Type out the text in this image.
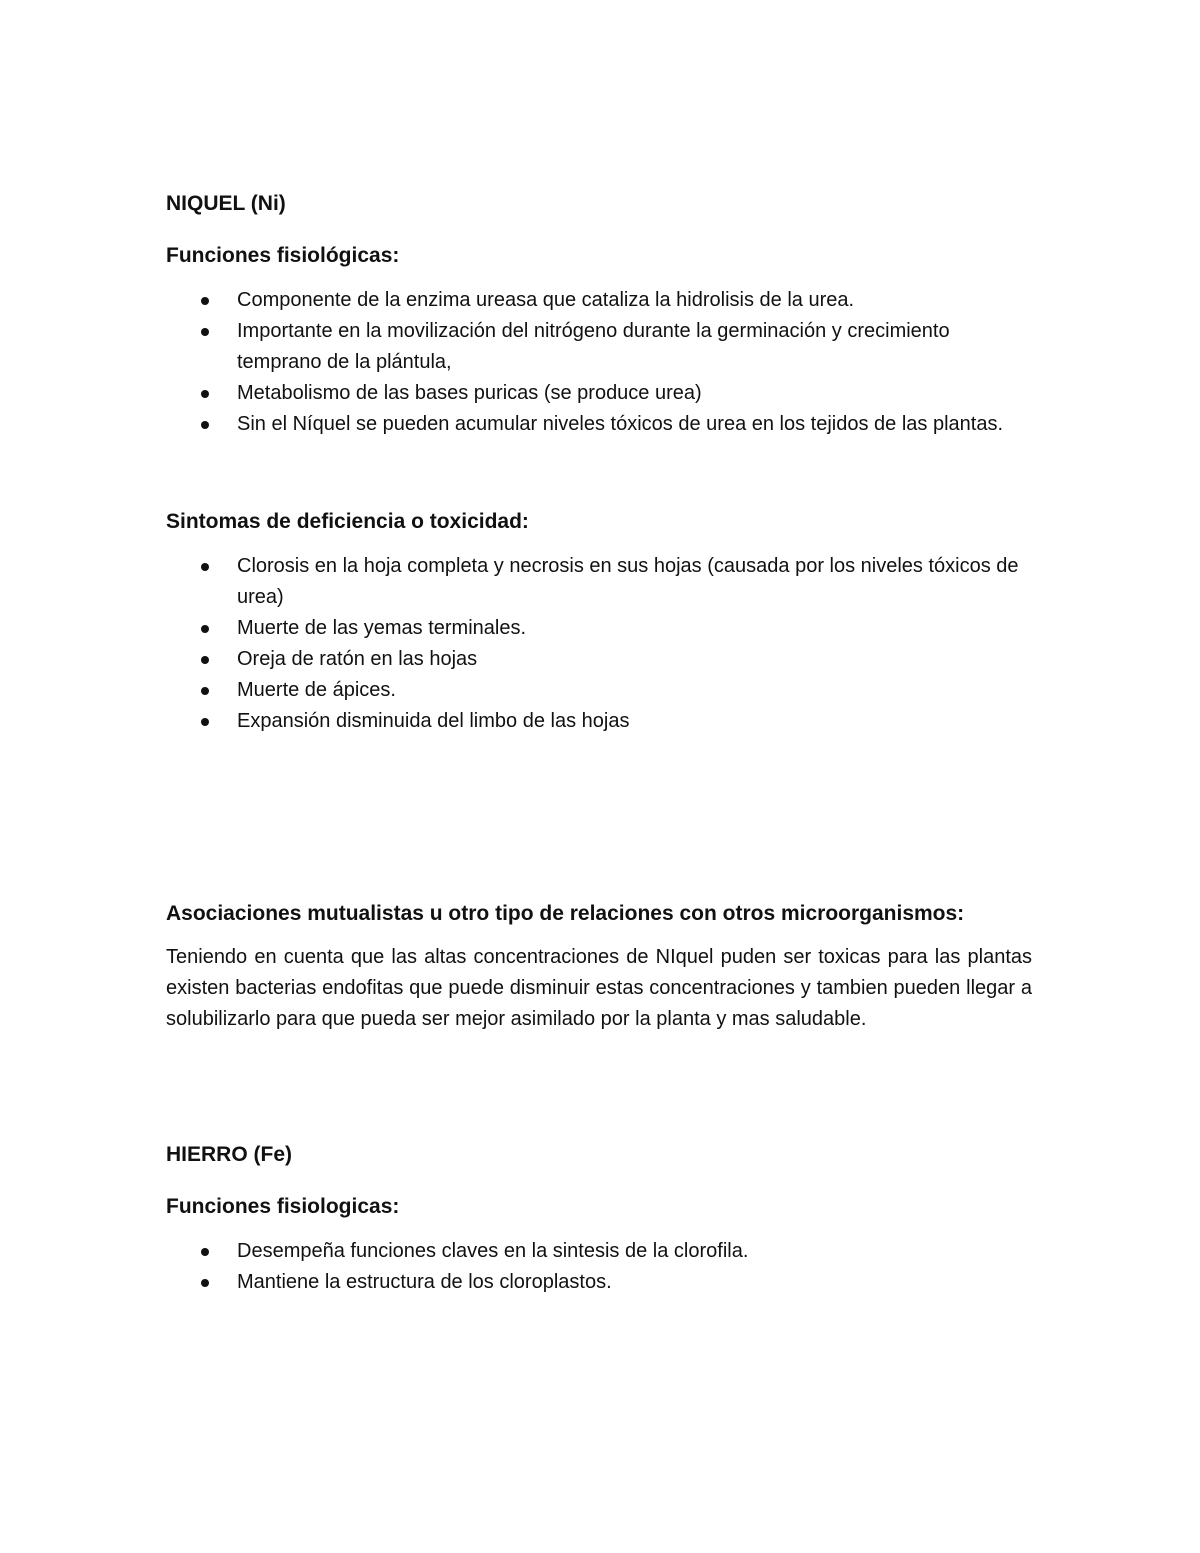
NIQUEL (Ni)

Funciones fisiológicas:

Componente de la enzima ureasa que cataliza la hidrolisis de la urea.
Importante en la movilización del nitrógeno durante la germinación y crecimiento temprano de la plántula,
Metabolismo de las bases puricas (se produce urea)
Sin el Níquel se pueden acumular niveles tóxicos de urea en los tejidos de las plantas.

Sintomas de deficiencia o toxicidad:

Clorosis en la hoja completa y necrosis en sus hojas (causada por los niveles tóxicos de urea)
Muerte de las yemas terminales.
Oreja de ratón en las hojas
Muerte de ápices.
Expansión disminuida del limbo de las hojas

Asociaciones mutualistas u otro tipo de relaciones con otros microorganismos:

Teniendo en cuenta que las altas concentraciones de NIquel puden ser toxicas para las plantas existen bacterias endofitas que puede disminuir estas concentraciones y tambien pueden llegar a solubilizarlo para que pueda ser mejor asimilado por la planta y mas saludable.

HIERRO (Fe)

Funciones fisiologicas:

Desempeña funciones claves en la sintesis de la clorofila.
Mantiene la estructura de los cloroplastos.
